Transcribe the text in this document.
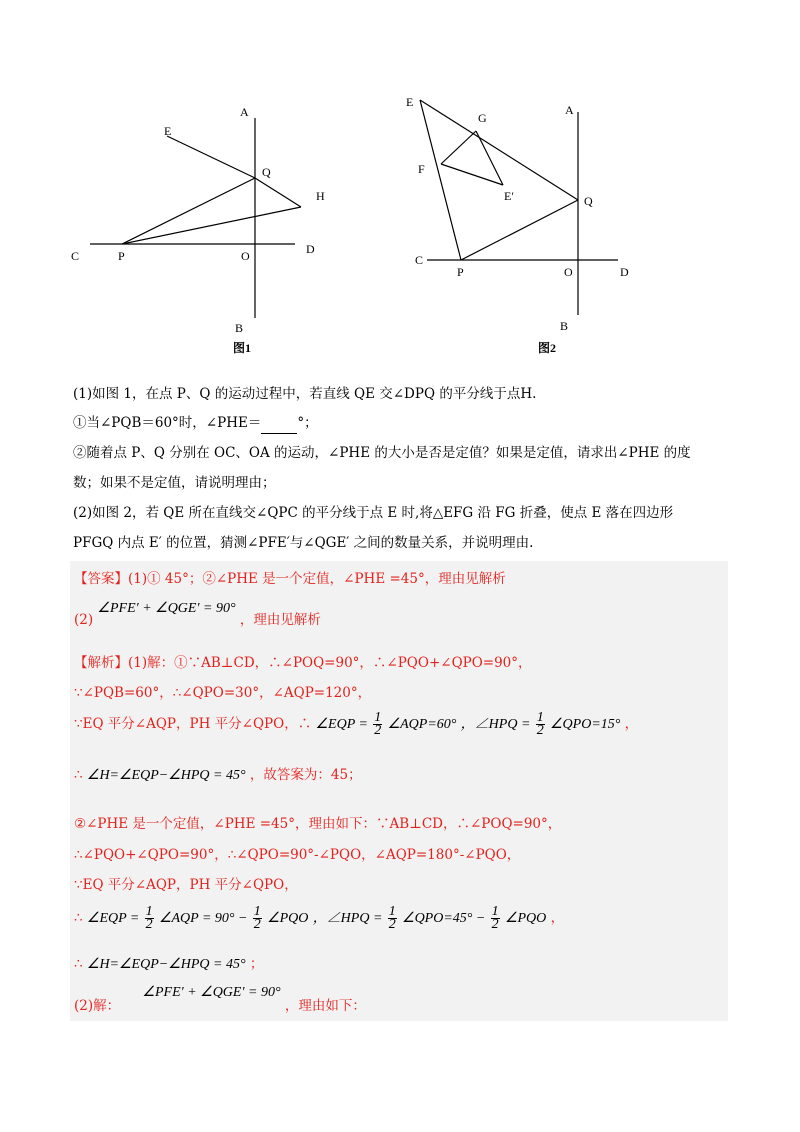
A
E
Q
H
C	P	O	D
B
图1
E
A
G
F
E′	Q
C
P	O	D
B
图2
(1)如图 1，在点 P、Q 的运动过程中，若直线 QE 交∠DPQ 的平分线于点H.
①当∠PQB＝60°时，∠PHE＝	°；
②随着点 P、Q 分别在 OC、OA 的运动，∠PHE 的大小是否是定值？如果是定值，请求出∠PHE 的度
数；如果不是定值，请说明理由；
(2)如图 2，若 QE 所在直线交∠QPC 的平分线于点 E 时,将△EFG 沿 FG 折叠，使点 E 落在四边形
PFGQ 内点 E′ 的位置，猜测∠PFE′与∠QGE′ 之间的数量关系，并说明理由.
【答案】(1)① 45°；②∠PHE 是一个定值，∠PHE =45°，理由见解析
(2) ∠PFE′ + ∠QGE′ = 90° ，理由见解析
【解析】(1)解：①∵AB⊥CD，∴∠POQ=90°，∴∠PQO+∠QPO=90°，
∵∠PQB=60°，∴∠QPO=30°，∠AQP=120°，
∵EQ 平分∠AQP，PH 平分∠QPO，∴ ∠EQP = $\frac{1}{2}$ ∠AQP=60° ，∠HPQ = $\frac{1}{2}$ ∠QPO=15° ，
∴ ∠H=∠EQP−∠HPQ = 45° ，故答案为：45；
②∠PHE 是一个定值，∠PHE =45°，理由如下：∵AB⊥CD，∴∠POQ=90°，
∴∠PQO+∠QPO=90°，∴∠QPO=90°-∠PQO，∠AQP=180°-∠PQO，
∵EQ 平分∠AQP，PH 平分∠QPO，
∴ ∠EQP = $\frac{1}{2}$ ∠AQP = $90^\circ - \frac{1}{2}$ ∠PQO ，∠HPQ = $\frac{1}{2}$ ∠QPO=45° − $\frac{1}{2}$ ∠PQO ，
∴ ∠H=∠EQP−∠HPQ = 45° ；
(2)解： ∠PFE′ + ∠QGE′ = 90° ，理由如下：
